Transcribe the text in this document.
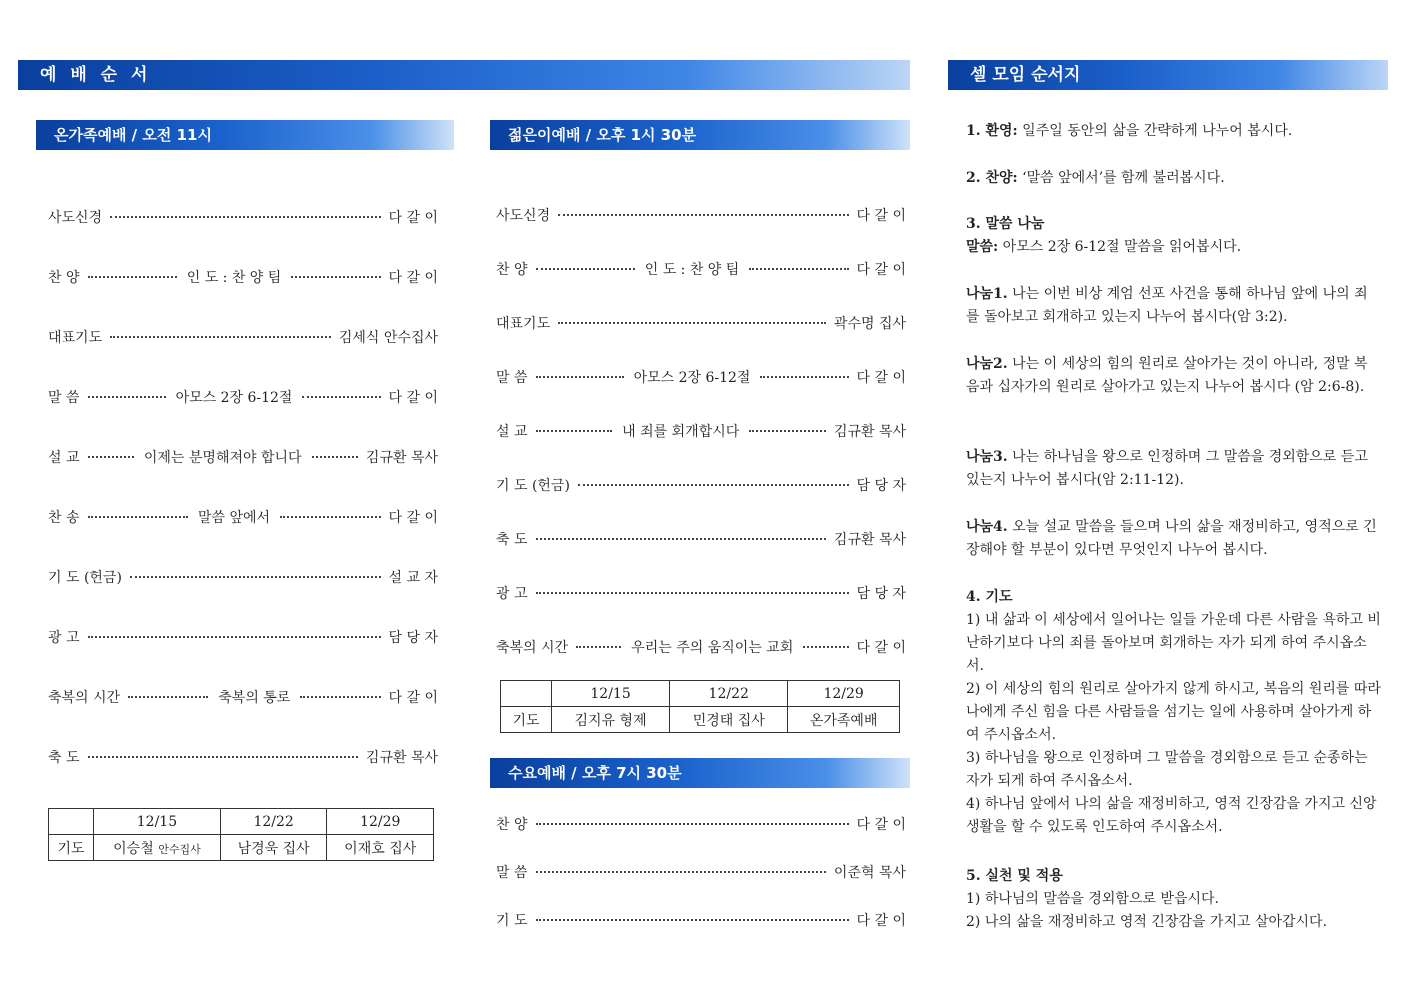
예 배 순 서	셀 모임 순서지
온가족예배 / 오전 11시
사도신경	다 갈 이
찬 양	인 도 : 찬 양 팀	다 갈 이
대표기도	김세식 안수집사
말 씀	아모스 2장 6-12절	다 갈 이
설 교	이제는 분명해져야 합니다	김규환 목사
찬 송	말씀 앞에서	다 갈 이
기 도 (헌금)	설 교 자
광 고	담 당 자
축복의 시간	축복의 통로	다 갈 이
축 도	김규환 목사
	12/15	12/22	12/29
기도	이승철 안수집사	남경욱 집사	이재호 집사
젊은이예배 / 오후 1시 30분
사도신경	다 갈 이
찬 양	인 도 : 찬 양 팀	다 갈 이
대표기도	곽수명 집사
말 씀	아모스 2장 6-12절	다 갈 이
설 교	내 죄를 회개합시다	김규환 목사
기 도 (헌금)	담 당 자
축 도	김규환 목사
광 고	담 당 자
축복의 시간	우리는 주의 움직이는 교회	다 갈 이
	12/15	12/22	12/29
기도	김지유 형제	민경태 집사	온가족예배
수요예배 / 오후 7시 30분
찬 양	다 갈 이
말 씀	이준혁 목사
기 도	다 갈 이
1. 환영: 일주일 동안의 삶을 간략하게 나누어 봅시다.
2. 찬양: ‘말씀 앞에서’를 함께 불러봅시다.
3. 말씀 나눔
말씀: 아모스 2장 6-12절 말씀을 읽어봅시다.
나눔1. 나는 이번 비상 계엄 선포 사건을 통해 하나님 앞에 나의 죄를 돌아보고 회개하고 있는지 나누어 봅시다(암 3:2).
나눔2. 나는 이 세상의 힘의 원리로 살아가는 것이 아니라, 정말 복음과 십자가의 원리로 살아가고 있는지 나누어 봅시다 (암 2:6-8).
나눔3. 나는 하나님을 왕으로 인정하며 그 말씀을 경외함으로 듣고 있는지 나누어 봅시다(암 2:11-12).
나눔4. 오늘 설교 말씀을 들으며 나의 삶을 재정비하고, 영적으로 긴장해야 할 부분이 있다면 무엇인지 나누어 봅시다.
4. 기도
1) 내 삶과 이 세상에서 일어나는 일들 가운데 다른 사람을 욕하고 비난하기보다 나의 죄를 돌아보며 회개하는 자가 되게 하여 주시옵소서.
2) 이 세상의 힘의 원리로 살아가지 않게 하시고, 복음의 원리를 따라 나에게 주신 힘을 다른 사람들을 섬기는 일에 사용하며 살아가게 하여 주시옵소서.
3) 하나님을 왕으로 인정하며 그 말씀을 경외함으로 듣고 순종하는 자가 되게 하여 주시옵소서.
4) 하나님 앞에서 나의 삶을 재정비하고, 영적 긴장감을 가지고 신앙생활을 할 수 있도록 인도하여 주시옵소서.
5. 실천 및 적용
1) 하나님의 말씀을 경외함으로 받읍시다.
2) 나의 삶을 재정비하고 영적 긴장감을 가지고 살아갑시다.
